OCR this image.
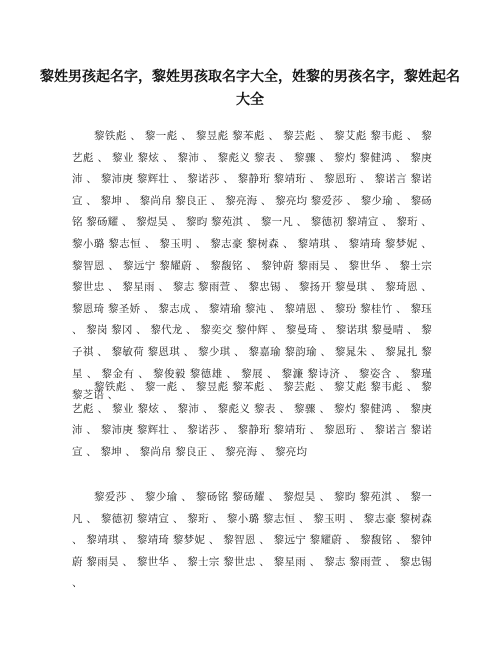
黎姓男孩起名字，黎姓男孩取名字大全，姓黎的男孩名字，黎姓起名大全
黎铁彪 、 黎一彪 、 黎昱彪 黎苯彪 、 黎芸彪 、 黎艾彪 黎韦彪 、 黎艺彪 、 黎业 黎炫 、 黎沛 、 黎彪义 黎表 、 黎骤 、 黎灼 黎健鸿 、 黎庚沛 、 黎沛庚 黎辉壮 、 黎诺莎 、 黎静珩 黎靖珩 、 黎恩珩 、 黎诺言 黎诺宣 、 黎坤 、 黎尚帛 黎良正 、 黎亮海 、 黎亮均 黎爱莎 、 黎少瑜 、 黎砀铭 黎砀耀 、 黎煜昊 、 黎昀 黎苑淇 、 黎一凡 、 黎德初 黎靖宣 、 黎珩 、 黎小璐 黎志恒 、 黎玉明 、 黎志豪 黎树森 、 黎靖琪 、 黎靖琦 黎梦妮 、 黎智恩 、 黎远宁 黎耀蔚 、 黎馥铭 、 黎钟蔚 黎雨昊 、 黎世华 、 黎士宗 黎世忠 、 黎星雨 、 黎志 黎雨萱 、 黎忠锡 、 黎扬开 黎曼琪 、 黎琦恩 、 黎恩琦 黎圣娇 、 黎志成 、 黎靖瑜 黎沌 、 黎靖恩 、 黎玢 黎桂竹 、 黎珏 、 黎岗 黎冈 、 黎代龙 、 黎奕交 黎仲辉 、 黎曼琦 、 黎诺琪 黎曼晴 、 黎子祺 、 黎敏荷 黎恩琪 、 黎少琪 、 黎嘉瑜 黎韵瑜 、 黎晁朱 、 黎晁扎 黎星 、 黎金有 、 黎俊毅 黎德雄 、 黎展 、 黎濂 黎诗济 、 黎姿含 、 黎瑾 黎芝语 、
黎铁彪 、 黎一彪 、 黎昱彪 黎苯彪 、 黎芸彪 、 黎艾彪 黎韦彪 、 黎艺彪 、 黎业 黎炫 、 黎沛 、 黎彪义 黎表 、 黎骤 、 黎灼 黎健鸿 、 黎庚沛 、 黎沛庚 黎辉壮 、 黎诺莎 、 黎静珩 黎靖珩 、 黎恩珩 、 黎诺言 黎诺宣 、 黎坤 、 黎尚帛 黎良正 、 黎亮海 、 黎亮均
黎爱莎 、 黎少瑜 、 黎砀铭 黎砀耀 、 黎煜昊 、 黎昀 黎苑淇 、 黎一凡 、 黎德初 黎靖宣 、 黎珩 、 黎小璐 黎志恒 、 黎玉明 、 黎志豪 黎树森 、 黎靖琪 、 黎靖琦 黎梦妮 、 黎智恩 、 黎远宁 黎耀蔚 、 黎馥铭 、 黎钟蔚 黎雨昊 、 黎世华 、 黎士宗 黎世忠 、 黎星雨 、 黎志 黎雨萱 、 黎忠锡 、
